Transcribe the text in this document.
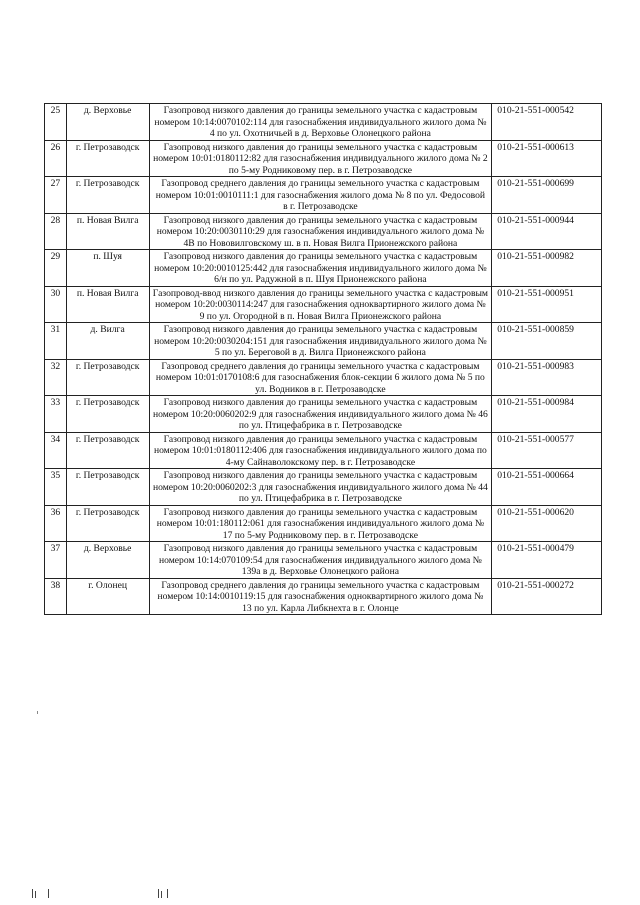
25	д. Верховье	Газопровод низкого давления до границы земельного участка с кадастровым номером 10:14:0070102:114 для газоснабжения индивидуального жилого дома № 4 по ул. Охотничьей в д. Верховье Олонецкого района	010-21-551-000542
26	г. Петрозаводск	Газопровод низкого давления до границы земельного участка с кадастровым номером 10:01:0180112:82 для газоснабжения индивидуального жилого дома № 2 по 5-му Родниковому пер. в г. Петрозаводске	010-21-551-000613
27	г. Петрозаводск	Газопровод среднего давления до границы земельного участка с кадастровым номером 10:01:0010111:1 для газоснабжения жилого дома № 8 по ул. Федосовой в г. Петрозаводске	010-21-551-000699
28	п. Новая Вилга	Газопровод низкого давления до границы земельного участка с кадастровым номером 10:20:0030110:29 для газоснабжения индивидуального жилого дома № 4В по Нововилговскому ш. в п. Новая Вилга Прионежского района	010-21-551-000944
29	п. Шуя	Газопровод низкого давления до границы земельного участка с кадастровым номером 10:20:0010125:442 для газоснабжения индивидуального жилого дома № 6/н по ул. Радужной в п. Шуя Прионежского района	010-21-551-000982
30	п. Новая Вилга	Газопровод-ввод низкого давления до границы земельного участка с кадастровым номером 10:20:0030114:247 для газоснабжения одноквартирного жилого дома № 9 по ул. Огородной в п. Новая Вилга Прионежского района	010-21-551-000951
31	д. Вилга	Газопровод низкого давления до границы земельного участка с кадастровым номером 10:20:0030204:151 для газоснабжения индивидуального жилого дома № 5 по ул. Береговой в д. Вилга Прионежского района	010-21-551-000859
32	г. Петрозаводск	Газопровод среднего давления до границы земельного участка с кадастровым номером 10:01:0170108:6 для газоснабжения блок-секции 6 жилого дома № 5 по ул. Водников в г. Петрозаводске	010-21-551-000983
33	г. Петрозаводск	Газопровод низкого давления до границы земельного участка с кадастровым номером 10:20:0060202:9 для газоснабжения индивидуального жилого дома № 46 по ул. Птицефабрика в г. Петрозаводске	010-21-551-000984
34	г. Петрозаводск	Газопровод низкого давления до границы земельного участка с кадастровым номером 10:01:0180112:406 для газоснабжения индивидуального жилого дома по 4-му Сайнаволокскому пер. в г. Петрозаводске	010-21-551-000577
35	г. Петрозаводск	Газопровод низкого давления до границы земельного участка с кадастровым номером 10:20:0060202:3 для газоснабжения индивидуального жилого дома № 44 по ул. Птицефабрика в г. Петрозаводске	010-21-551-000664
36	г. Петрозаводск	Газопровод низкого давления до границы земельного участка с кадастровым номером 10:01:180112:061 для газоснабжения индивидуального жилого дома № 17 по 5-му Родниковому пер. в г. Петрозаводске	010-21-551-000620
37	д. Верховье	Газопровод низкого давления до границы земельного участка с кадастровым номером 10:14:070109:54 для газоснабжения индивидуального жилого дома № 139а в д. Верховье Олонецкого района	010-21-551-000479
38	г. Олонец	Газопровод среднего давления до границы земельного участка с кадастровым номером 10:14:0010119:15 для газоснабжения одноквартирного жилого дома № 13 по ул. Карла Либкнехта в г. Олонце	010-21-551-000272
